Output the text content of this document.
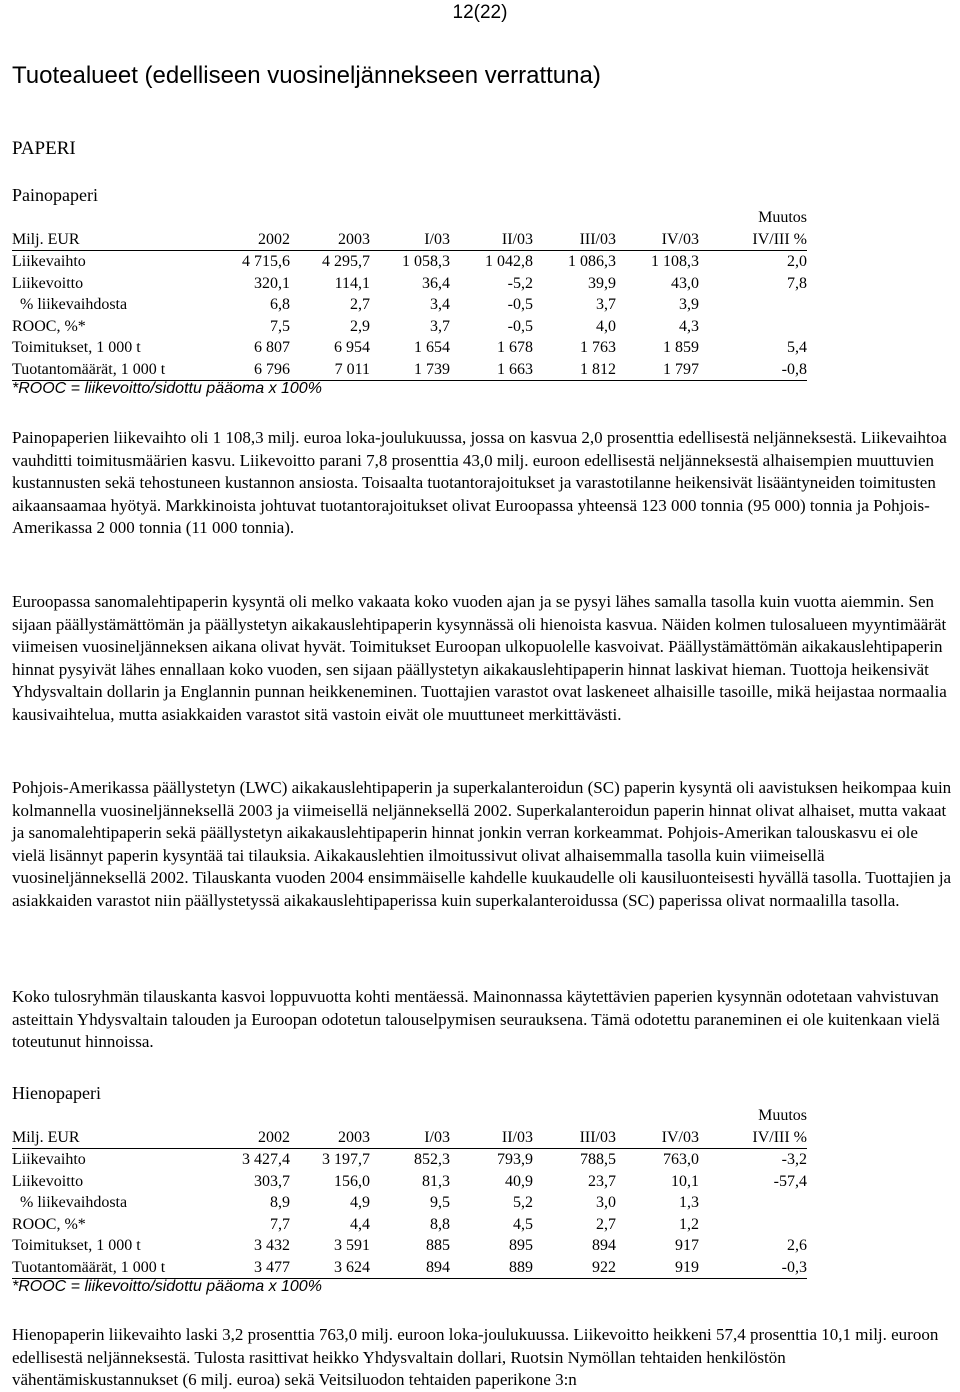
12(22)
Tuotealueet (edelliseen vuosineljännekseen verrattuna)
PAPERI
Painopaperi
Milj. EUR	2002	2003	I/03	II/03	III/03	IV/03	Muutos
IV/III %
Liikevaihto	4 715,6	4 295,7	1 058,3	1 042,8	1 086,3	1 108,3	2,0
Liikevoitto	320,1	114,1	36,4	-5,2	39,9	43,0	7,8
% liikevaihdosta	6,8	2,7	3,4	-0,5	3,7	3,9	
ROOC, %*	7,5	2,9	3,7	-0,5	4,0	4,3	
Toimitukset, 1 000 t	6 807	6 954	1 654	1 678	1 763	1 859	5,4
Tuotantomäärät, 1 000 t	6 796	7 011	1 739	1 663	1 812	1 797	-0,8
*ROOC = liikevoitto/sidottu pääoma x 100%

Painopaperien liikevaihto oli 1 108,3 milj. euroa loka-joulukuussa, jossa on kasvua 2,0 prosenttia edellisestä neljänneksestä. Liikevaihtoa vauhditti toimitusmäärien kasvu. Liikevoitto parani 7,8 prosenttia 43,0 milj. euroon edellisestä neljänneksestä alhaisempien muuttuvien kustannusten sekä tehostuneen kustannon ansiosta. Toisaalta tuotantorajoitukset ja varastotilanne heikensivät lisääntyneiden toimitusten aikaansaamaa hyötyä. Markkinoista johtuvat tuotantorajoitukset olivat Euroopassa yhteensä 123 000 tonnia (95 000) tonnia ja Pohjois-Amerikassa 2 000 tonnia (11 000 tonnia).

Euroopassa sanomalehtipaperin kysyntä oli melko vakaata koko vuoden ajan ja se pysyi lähes samalla tasolla kuin vuotta aiemmin. Sen sijaan päällystämättömän ja päällystetyn aikakauslehtipaperin kysynnässä oli hienoista kasvua. Näiden kolmen tulosalueen myyntimäärät viimeisen vuosineljänneksen aikana olivat hyvät. Toimitukset Euroopan ulkopuolelle kasvoivat. Päällystämättömän aikakauslehtipaperin hinnat pysyivät lähes ennallaan koko vuoden, sen sijaan päällystetyn aikakauslehtipaperin hinnat laskivat hieman. Tuottoja heikensivät Yhdysvaltain dollarin ja Englannin punnan heikkeneminen. Tuottajien varastot ovat laskeneet alhaisille tasoille, mikä heijastaa normaalia kausivaihtelua, mutta asiakkaiden varastot sitä vastoin eivät ole muuttuneet merkittävästi.

Pohjois-Amerikassa päällystetyn (LWC) aikakauslehtipaperin ja superkalanteroidun (SC) paperin kysyntä oli aavistuksen heikompaa kuin kolmannella vuosineljänneksellä 2003 ja viimeisellä neljänneksellä 2002. Superkalanteroidun paperin hinnat olivat alhaiset, mutta vakaat ja sanomalehtipaperin sekä päällystetyn aikakauslehtipaperin hinnat jonkin verran korkeammat. Pohjois-Amerikan talouskasvu ei ole vielä lisännyt paperin kysyntää tai tilauksia. Aikakauslehtien ilmoitussivut olivat alhaisemmalla tasolla kuin viimeisellä vuosineljänneksellä 2002. Tilauskanta vuoden 2004 ensimmäiselle kahdelle kuukaudelle oli kausiluonteisesti hyvällä tasolla. Tuottajien ja asiakkaiden varastot niin päällystetyssä aikakauslehtipaperissa kuin superkalanteroidussa (SC) paperissa olivat normaalilla tasolla.

Koko tulosryhmän tilauskanta kasvoi loppuvuotta kohti mentäessä. Mainonnassa käytettävien paperien kysynnän odotetaan vahvistuvan asteittain Yhdysvaltain talouden ja Euroopan odotetun talouselpymisen seurauksena. Tämä odotettu paraneminen ei ole kuitenkaan vielä toteutunut hinnoissa.

Hienopaperi
Milj. EUR	2002	2003	I/03	II/03	III/03	IV/03	Muutos
IV/III %
Liikevaihto	3 427,4	3 197,7	852,3	793,9	788,5	763,0	-3,2
Liikevoitto	303,7	156,0	81,3	40,9	23,7	10,1	-57,4
% liikevaihdosta	8,9	4,9	9,5	5,2	3,0	1,3	
ROOC, %*	7,7	4,4	8,8	4,5	2,7	1,2	
Toimitukset, 1 000 t	3 432	3 591	885	895	894	917	2,6
Tuotantomäärät, 1 000 t	3 477	3 624	894	889	922	919	-0,3
*ROOC = liikevoitto/sidottu pääoma x 100%

Hienopaperin liikevaihto laski 3,2 prosenttia 763,0 milj. euroon loka-joulukuussa. Liikevoitto heikkeni 57,4 prosenttia 10,1 milj. euroon edellisestä neljänneksestä. Tulosta rasittivat heikko Yhdysvaltain dollari, Ruotsin Nymöllan tehtaiden henkilöstön vähentämiskustannukset (6 milj. euroa) sekä Veitsiluodon tehtaiden paperikone 3:n
